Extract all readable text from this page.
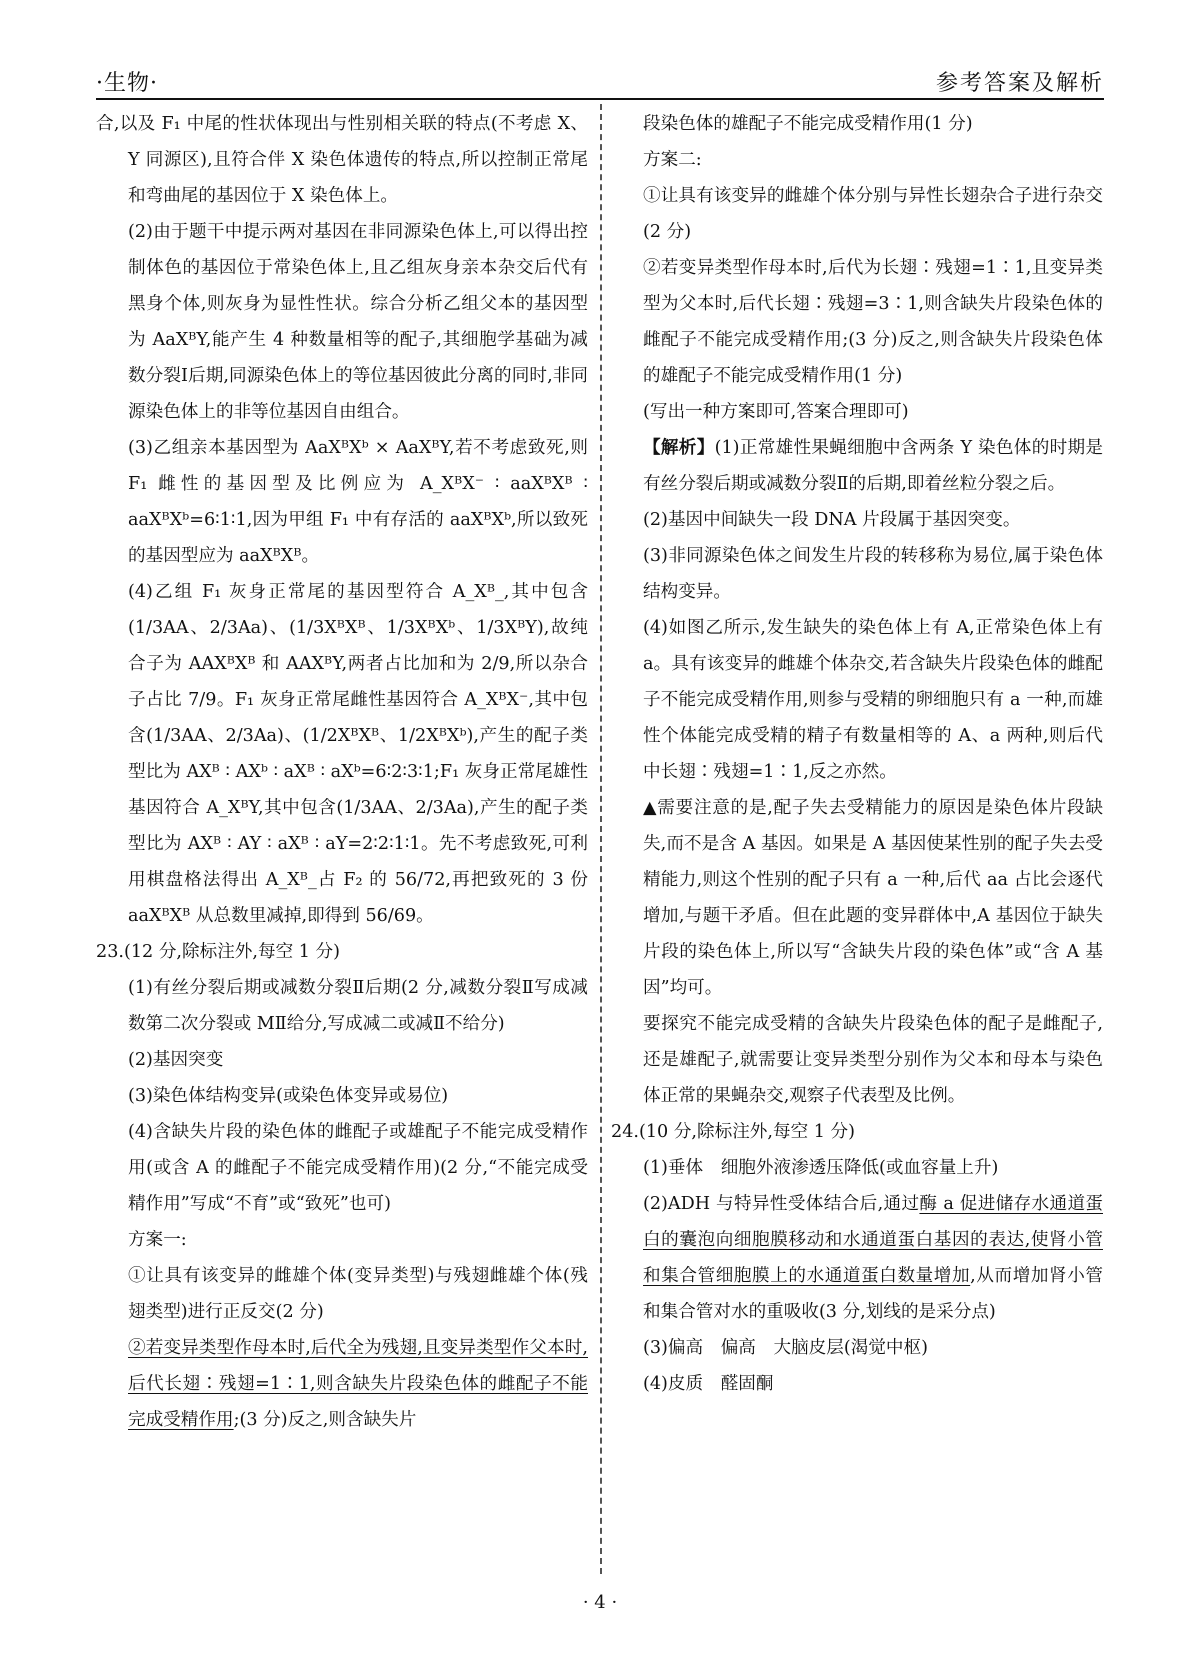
·生物·	参考答案及解析

合,以及 F₁ 中尾的性状体现出与性别相关联的特点(不考虑 X、Y 同源区),且符合伴 X 染色体遗传的特点,所以控制正常尾和弯曲尾的基因位于 X 染色体上。

(2)由于题干中提示两对基因在非同源染色体上,可以得出控制体色的基因位于常染色体上,且乙组灰身亲本杂交后代有黑身个体,则灰身为显性性状。综合分析乙组父本的基因型为 AaXᴮY,能产生 4 种数量相等的配子,其细胞学基础为减数分裂Ⅰ后期,同源染色体上的等位基因彼此分离的同时,非同源染色体上的非等位基因自由组合。

(3)乙组亲本基因型为 AaXᴮXᵇ × AaXᴮY,若不考虑致死,则 F₁ 雌性的基因型及比例应为 A_XᴮX⁻ ∶ aaXᴮXᴮ ∶ aaXᴮXᵇ=6∶1∶1,因为甲组 F₁ 中有存活的 aaXᴮXᵇ,所以致死的基因型应为 aaXᴮXᴮ。

(4)乙组 F₁ 灰身正常尾的基因型符合 A_Xᴮ_,其中包含(1/3AA、2/3Aa)、(1/3XᴮXᴮ、1/3XᴮXᵇ、1/3XᴮY),故纯合子为 AAXᴮXᴮ 和 AAXᴮY,两者占比加和为 2/9,所以杂合子占比 7/9。F₁ 灰身正常尾雌性基因符合 A_XᴮX⁻,其中包含(1/3AA、2/3Aa)、(1/2XᴮXᴮ、1/2XᴮXᵇ),产生的配子类型比为 AXᴮ ∶ AXᵇ ∶ aXᴮ ∶ aXᵇ=6∶2∶3∶1;F₁ 灰身正常尾雄性基因符合 A_XᴮY,其中包含(1/3AA、2/3Aa),产生的配子类型比为 AXᴮ ∶ AY ∶ aXᴮ ∶ aY=2∶2∶1∶1。先不考虑致死,可利用棋盘格法得出 A_Xᴮ_占 F₂ 的 56/72,再把致死的 3 份 aaXᴮXᴮ 从总数里减掉,即得到 56/69。

23.(12 分,除标注外,每空 1 分)

(1)有丝分裂后期或减数分裂Ⅱ后期(2 分,减数分裂Ⅱ写成减数第二次分裂或 MⅡ给分,写成减二或减Ⅱ不给分)

(2)基因突变

(3)染色体结构变异(或染色体变异或易位)

(4)含缺失片段的染色体的雌配子或雄配子不能完成受精作用(或含 A 的雌配子不能完成受精作用)(2 分,“不能完成受精作用”写成“不育”或“致死”也可)

方案一:

①让具有该变异的雌雄个体(变异类型)与残翅雌雄个体(残翅类型)进行正反交(2 分)

②若变异类型作母本时,后代全为残翅,且变异类型作父本时,后代长翅∶残翅=1∶1,则含缺失片段染色体的雌配子不能完成受精作用;(3 分)反之,则含缺失片

段染色体的雄配子不能完成受精作用(1 分)

方案二:

①让具有该变异的雌雄个体分别与异性长翅杂合子进行杂交(2 分)

②若变异类型作母本时,后代为长翅∶残翅=1∶1,且变异类型为父本时,后代长翅∶残翅=3∶1,则含缺失片段染色体的雌配子不能完成受精作用;(3 分)反之,则含缺失片段染色体的雄配子不能完成受精作用(1 分)

(写出一种方案即可,答案合理即可)

【解析】(1)正常雄性果蝇细胞中含两条 Y 染色体的时期是有丝分裂后期或减数分裂Ⅱ的后期,即着丝粒分裂之后。

(2)基因中间缺失一段 DNA 片段属于基因突变。

(3)非同源染色体之间发生片段的转移称为易位,属于染色体结构变异。

(4)如图乙所示,发生缺失的染色体上有 A,正常染色体上有 a。具有该变异的雌雄个体杂交,若含缺失片段染色体的雌配子不能完成受精作用,则参与受精的卵细胞只有 a 一种,而雄性个体能完成受精的精子有数量相等的 A、a 两种,则后代中长翅∶残翅=1∶1,反之亦然。

▲需要注意的是,配子失去受精能力的原因是染色体片段缺失,而不是含 A 基因。如果是 A 基因使某性别的配子失去受精能力,则这个性别的配子只有 a 一种,后代 aa 占比会逐代增加,与题干矛盾。但在此题的变异群体中,A 基因位于缺失片段的染色体上,所以写“含缺失片段的染色体”或“含 A 基因”均可。

要探究不能完成受精的含缺失片段染色体的配子是雌配子,还是雄配子,就需要让变异类型分别作为父本和母本与染色体正常的果蝇杂交,观察子代表型及比例。

24.(10 分,除标注外,每空 1 分)

(1)垂体　细胞外液渗透压降低(或血容量上升)

(2)ADH 与特异性受体结合后,通过酶 a 促进储存水通道蛋白的囊泡向细胞膜移动和水通道蛋白基因的表达,使肾小管和集合管细胞膜上的水通道蛋白数量增加,从而增加肾小管和集合管对水的重吸收(3 分,划线的是采分点)

(3)偏高　偏高　大脑皮层(渴觉中枢)

(4)皮质　醛固酮

· 4 ·
